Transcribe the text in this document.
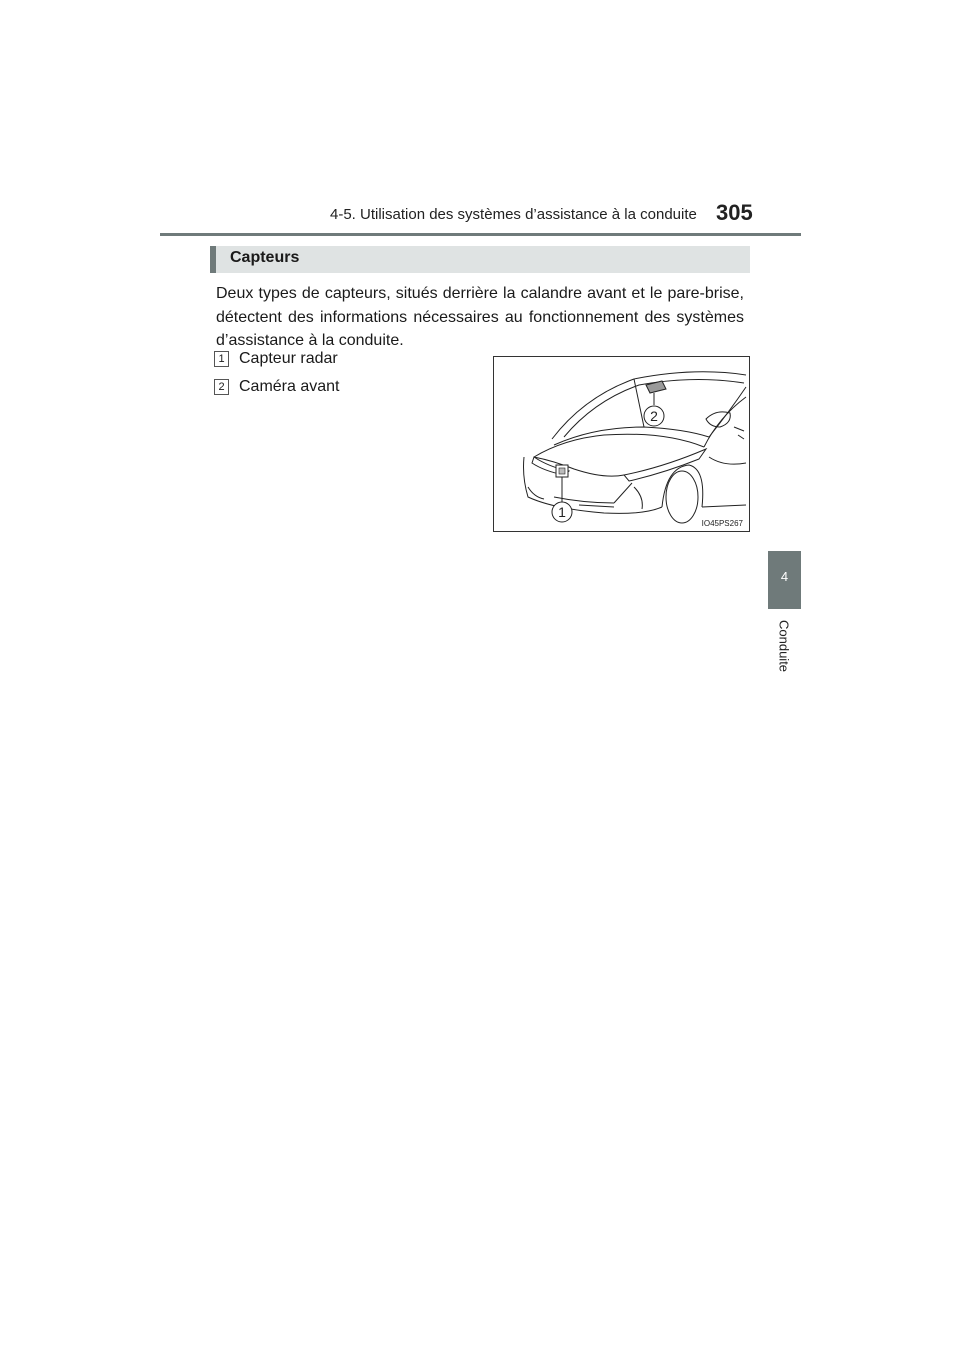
4-5. Utilisation des systèmes d’assistance à la conduite 305
Capteurs

Deux types de capteurs, situés derrière la calandre avant et le pare-brise, détectent des informations nécessaires au fonctionnement des systèmes d’assistance à la conduite.

1 Capteur radar
2 Caméra avant
2
1
IO45PS267
4
Conduite
